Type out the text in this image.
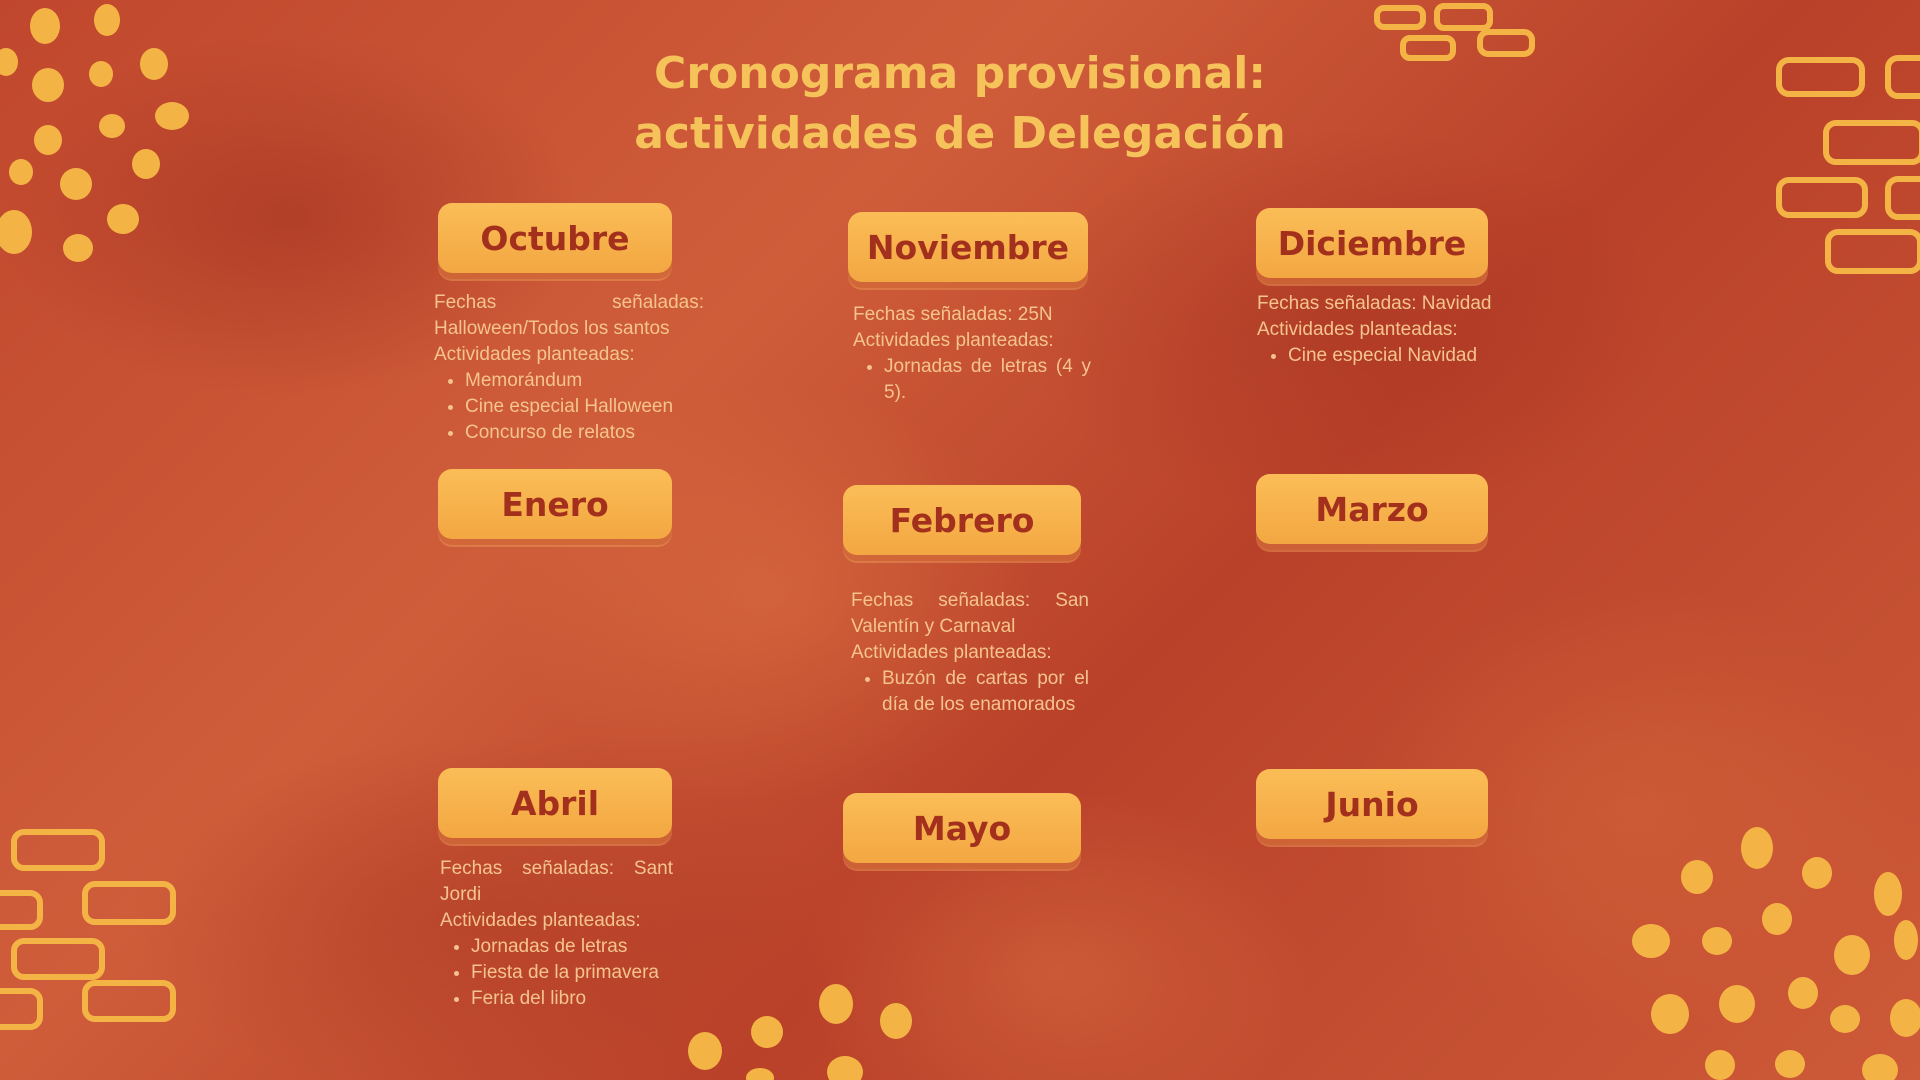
Cronograma provisional:
actividades de Delegación
Octubre

Fechas señaladas: Halloween/Todos los santos

Actividades planteadas:

• Memorándum
• Cine especial Halloween
• Concurso de relatos
Noviembre

Fechas señaladas: 25N

Actividades planteadas:

• Jornadas de letras (4 y 5).
Diciembre

Fechas señaladas: Navidad

Actividades planteadas:

• Cine especial Navidad
Enero	Febrero

Fechas señaladas: San Valentín y Carnaval

Actividades planteadas:

• Buzón de cartas por el día de los enamorados
Marzo
Abril

Fechas señaladas: Sant Jordi

Actividades planteadas:

• Jornadas de letras
• Fiesta de la primavera
• Feria del libro
Mayo
Junio
